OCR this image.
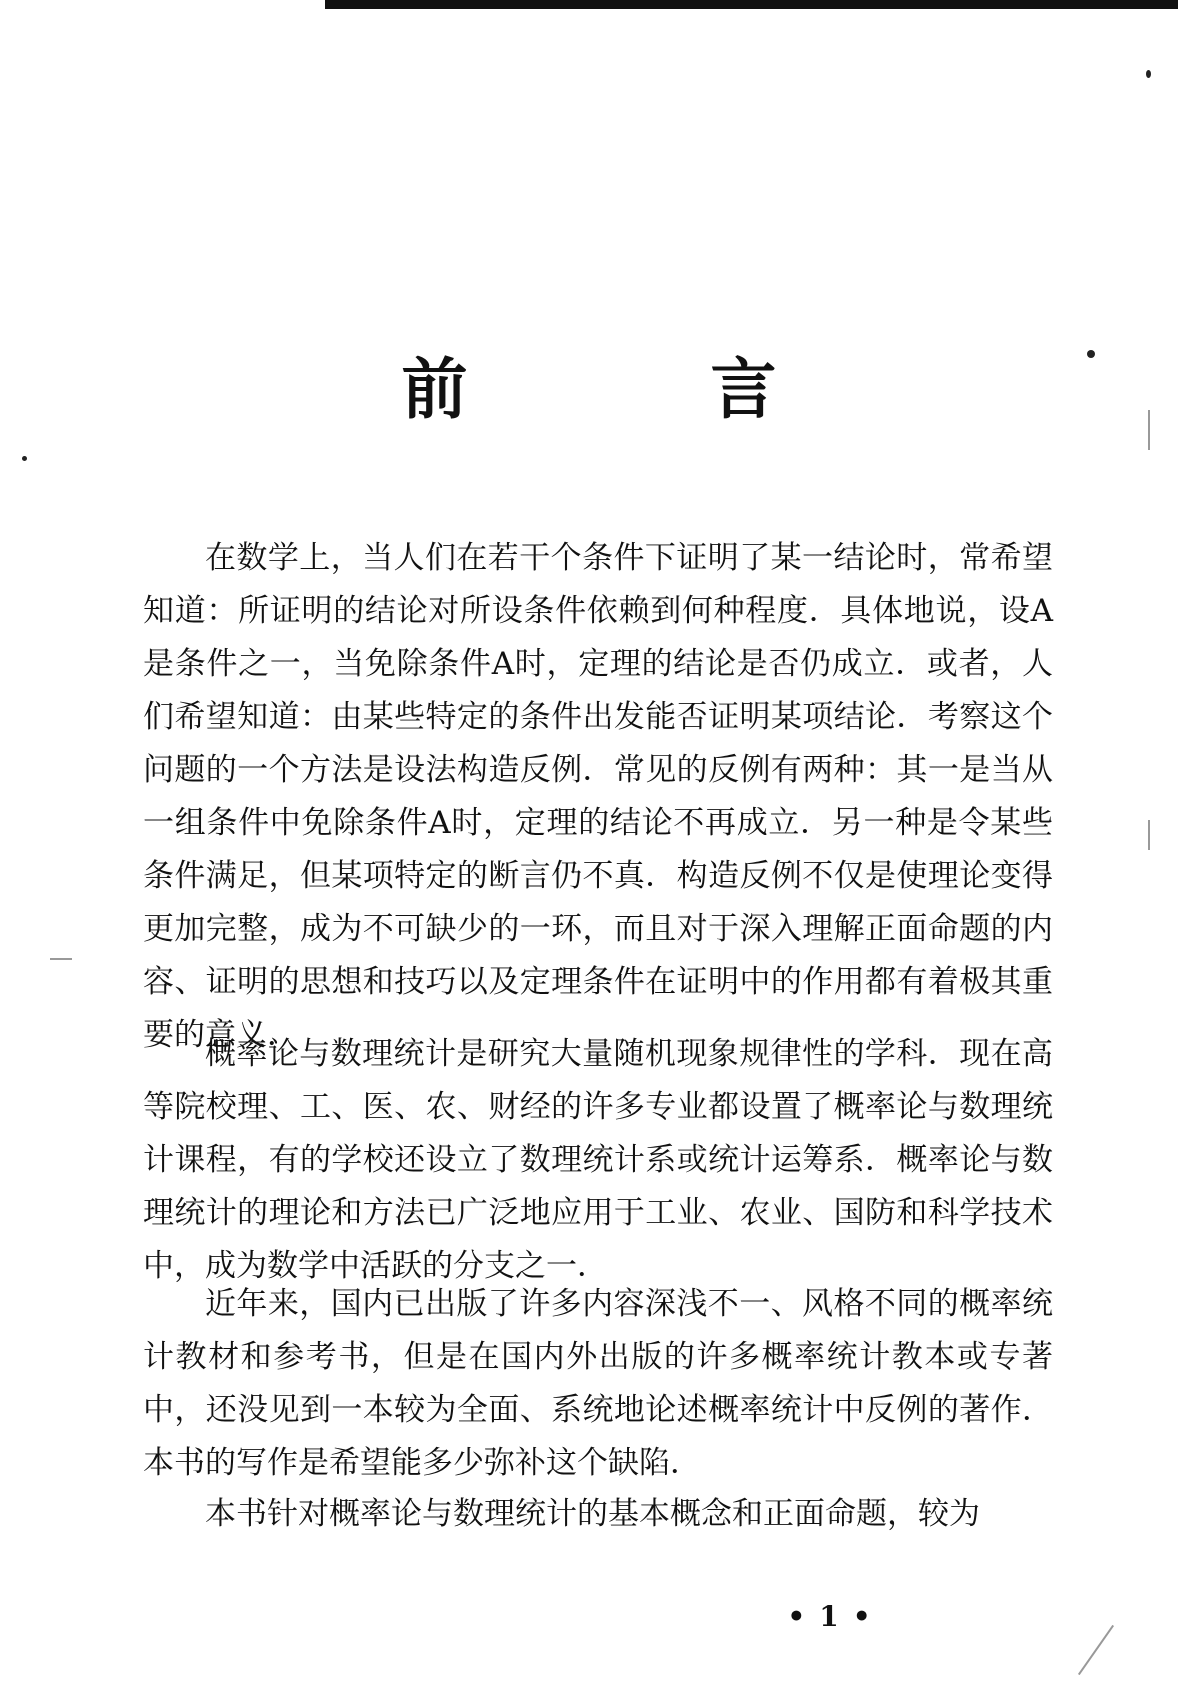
前 言

在数学上，当人们在若干个条件下证明了某一结论时，常希望知道：所证明的结论对所设条件依赖到何种程度．具体地说，设A是条件之一，当免除条件A时，定理的结论是否仍成立．或者，人们希望知道：由某些特定的条件出发能否证明某项结论．考察这个问题的一个方法是设法构造反例．常见的反例有两种：其一是当从一组条件中免除条件A时，定理的结论不再成立．另一种是令某些条件满足，但某项特定的断言仍不真．构造反例不仅是使理论变得更加完整，成为不可缺少的一环，而且对于深入理解正面命题的内容、证明的思想和技巧以及定理条件在证明中的作用都有着极其重要的意义．

概率论与数理统计是研究大量随机现象规律性的学科．现在高等院校理、工、医、农、财经的许多专业都设置了概率论与数理统计课程，有的学校还设立了数理统计系或统计运筹系．概率论与数理统计的理论和方法已广泛地应用于工业、农业、国防和科学技术中，成为数学中活跃的分支之一．

近年来，国内已出版了许多内容深浅不一、风格不同的概率统计教材和参考书，但是在国内外出版的许多概率统计教本或专著中，还没见到一本较为全面、系统地论述概率统计中反例的著作．本书的写作是希望能多少弥补这个缺陷．

本书针对概率论与数理统计的基本概念和正面命题，较为

• 1 •
